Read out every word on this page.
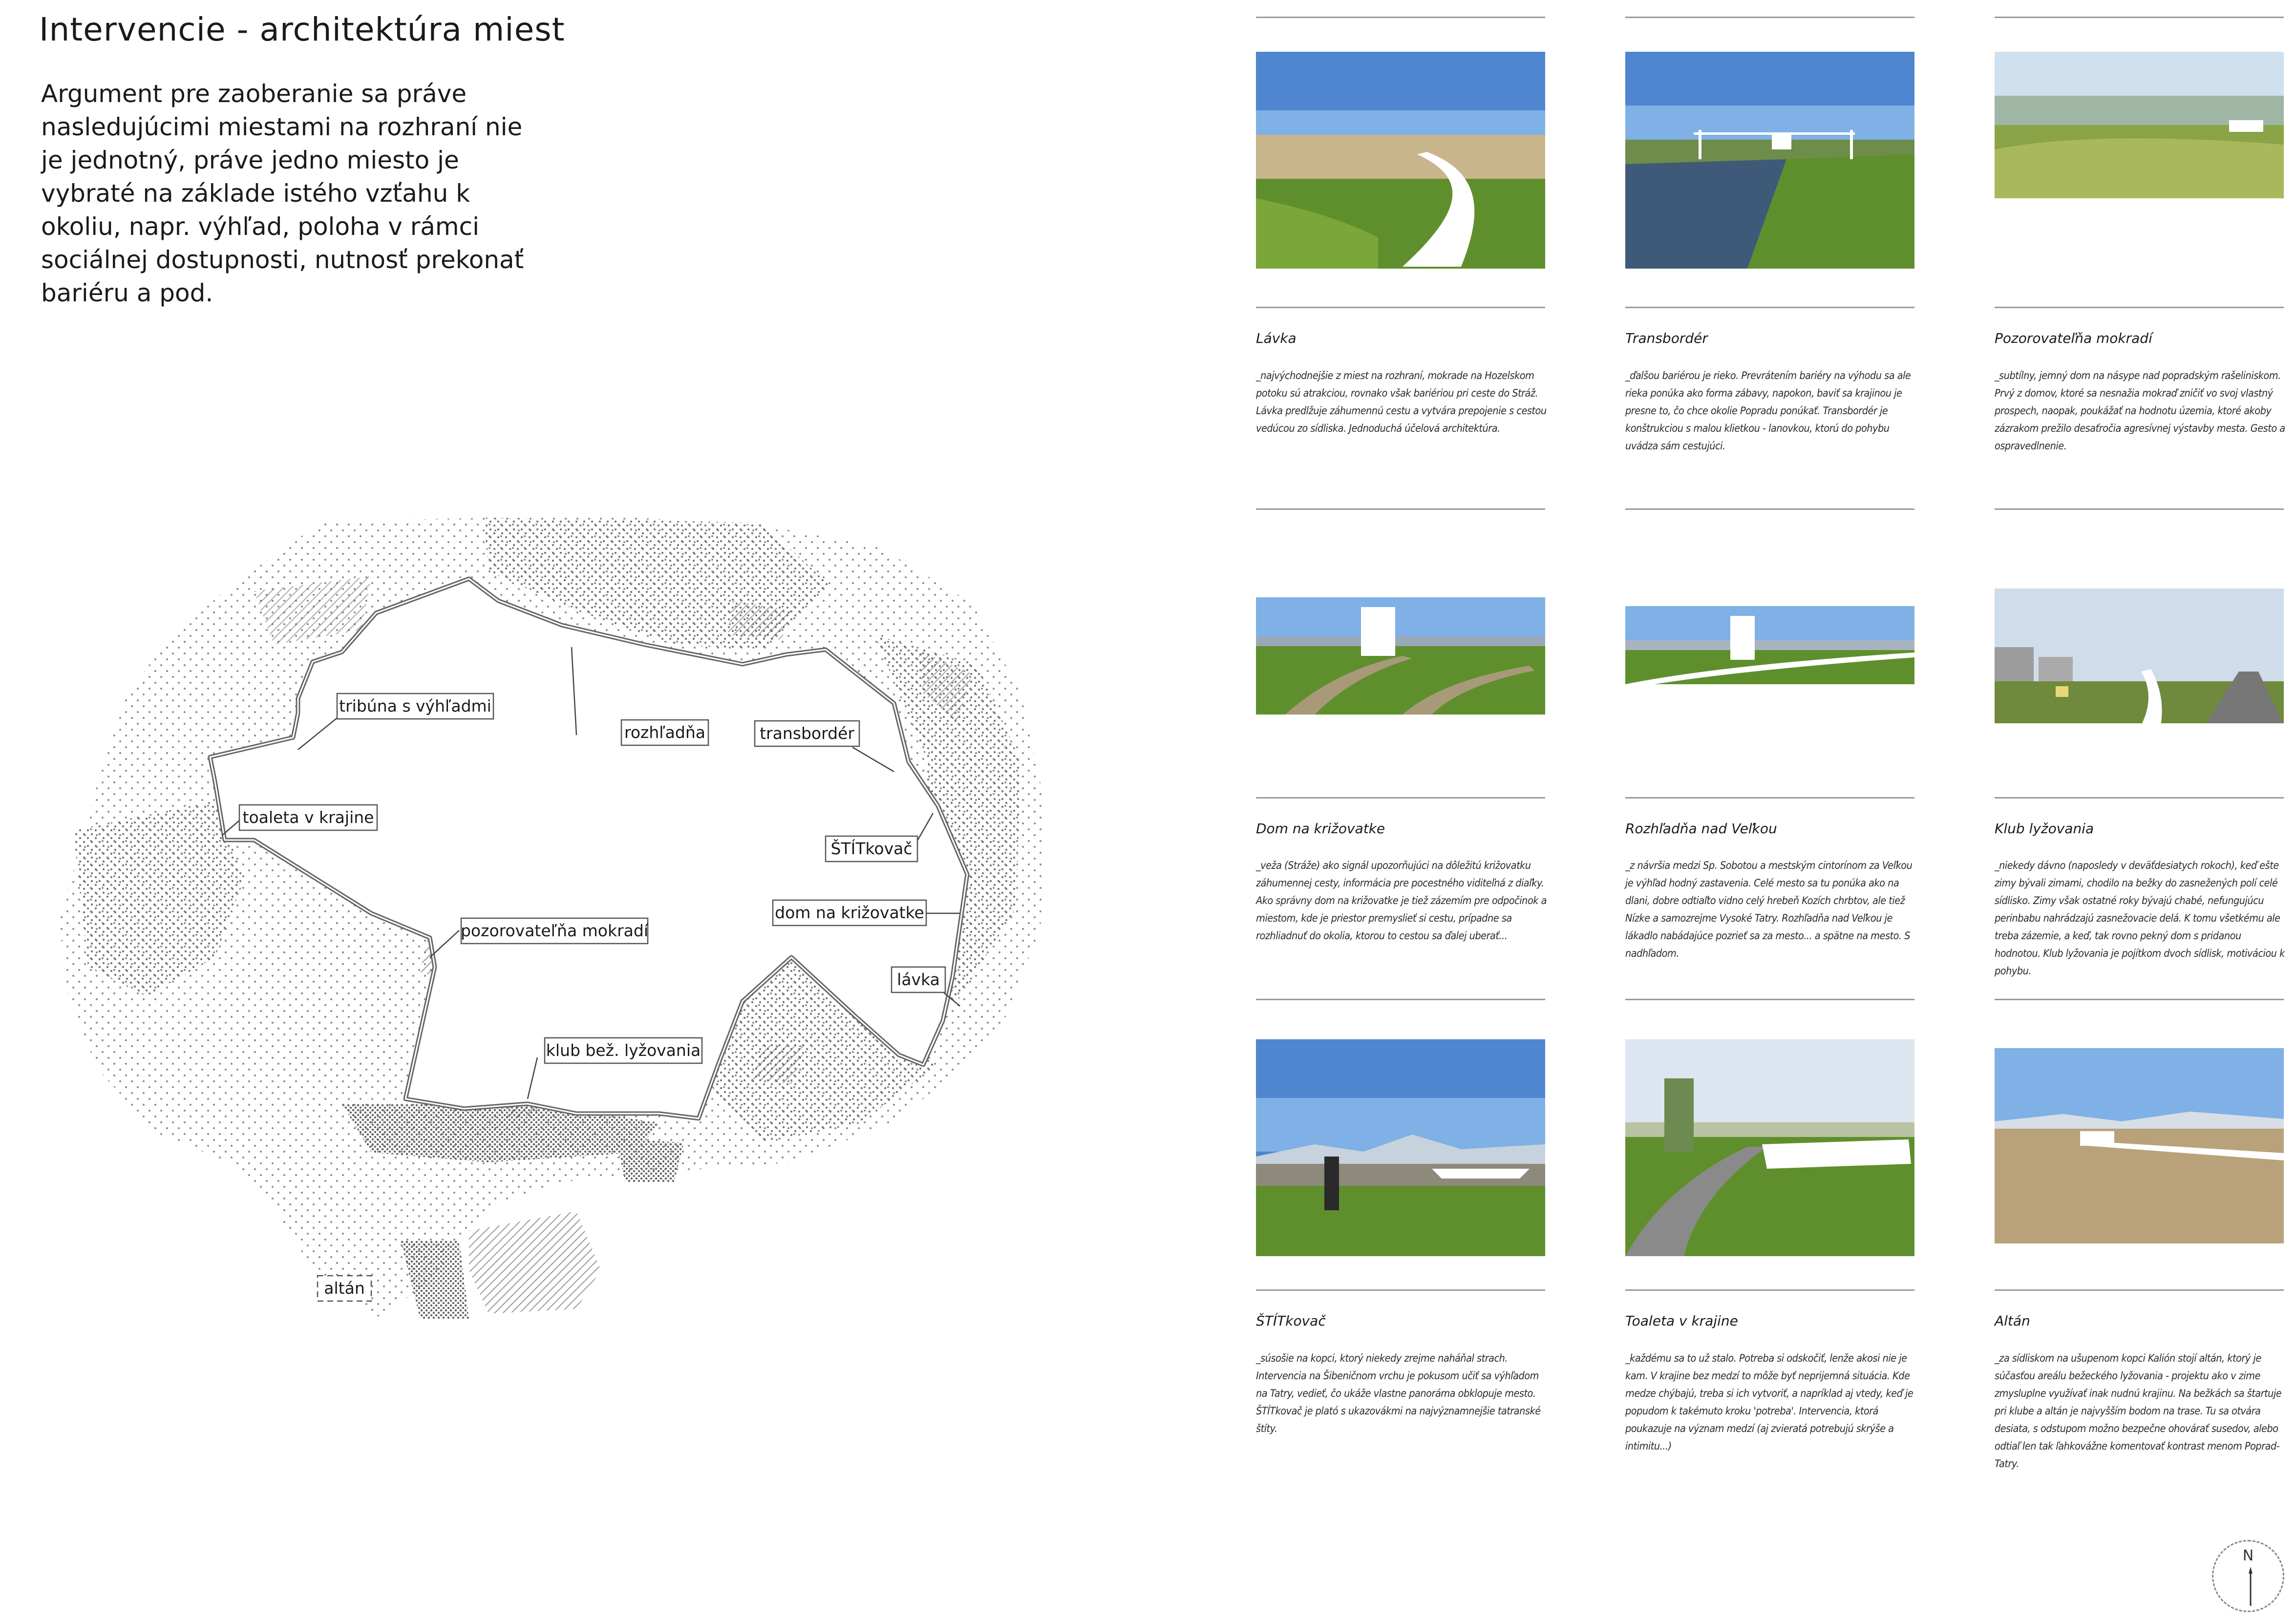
Intervencie - architektúra miest
Argument pre zaoberanie sa práve nasledujúcimi miestami na rozhraní nie je jednotný, práve jedno miesto je vybraté na základe istého vzťahu k okoliu, napr. výhľad, poloha v rámci sociálnej dostupnosti, nutnosť prekonať bariéru a pod.
tribúna s výhľadmi
rozhľadňa	transbordér
toaleta v krajine
ŠTÍTkovač
dom na križovatke
pozorovateľňa mokradí
lávka
klub bež. lyžovania
altán
Lávka
_najvýchodnejšie z miest na rozhraní, mokrade na Hozelskom potoku sú atrakciou, rovnako však bariériou pri ceste do Stráž. Lávka predlžuje záhumennú cestu a vytvára prepojenie s cestou vedúcou zo sídliska. Jednoduchá účelová architektúra.
Transbordér
_ďalšou bariérou je rieko. Prevrátením bariéry na výhodu sa ale rieka ponúka ako forma zábavy, napokon, baviť sa krajinou je presne to, čo chce okolie Popradu ponúkať. Transbordér je konštrukciou s malou klietkou - lanovkou, ktorú do pohybu uvádza sám cestujúci.
Pozorovateľňa mokradí
_subtílny, jemný dom na násype nad popradským rašeliniskom. Prvý z domov, ktoré sa nesnažia mokraď zničiť vo svoj vlastný prospech, naopak, poukážať na hodnotu územia, ktoré akoby zázrakom prežilo desaťročia agresívnej výstavby mesta. Gesto a ospravedlnenie.
Dom na križovatke
_veža (Stráže) ako signál upozorňujúci na dôležitú križovatku záhumennej cesty, informácia pre pocestného viditeľná z diaľky. Ako správny dom na križovatke je tiež zázemím pre odpočinok a miestom, kde je priestor premyslieť si cestu, prípadne sa rozhliadnuť do okolia, ktorou to cestou sa ďalej uberať...
Rozhľadňa nad Veľkou
_z návršia medzi Sp. Sobotou a mestským cintorínom za Veľkou je výhľad hodný zastavenia. Celé mesto sa tu ponúka ako na dlani, dobre odtiaľto vidno celý hrebeň Kozích chrbtov, ale tiež Nízke a samozrejme Vysoké Tatry. Rozhľadňa nad Veľkou je lákadlo nabádajúce pozrieť sa za mesto... a spätne na mesto. S nadhľadom.
Klub lyžovania
_niekedy dávno (naposledy v deväťdesiatych rokoch), keď ešte zimy bývali zimami, chodilo na bežky do zasnežených polí celé sídlisko. Zimy však ostatné roky bývajú chabé, nefungujúcu perinbabu nahrádzajú zasnežovacie delá. K tomu všetkému ale treba zázemie, a keď, tak rovno pekný dom s pridanou hodnotou. Klub lyžovania je pojítkom dvoch sídlisk, motiváciou k pohybu.
ŠTÍTkovač
_súsošie na kopci, ktorý niekedy zrejme naháňal strach. Intervencia na Šibeničnom vrchu je pokusom učiť sa výhľadom na Tatry, vedieť, čo ukáže vlastne panoráma obklopuje mesto. ŠTÍTkovač je plató s ukazovákmi na najvýznamnejšie tatranské štíty.
Toaleta v krajine
_každému sa to už stalo. Potreba si odskočiť, lenže akosi nie je kam. V krajine bez medzí to môže byť neprijemná situácia. Kde medze chýbajú, treba si ich vytvoriť, a napríklad aj vtedy, keď je popudom k takémuto kroku 'potreba'. Intervencia, ktorá poukazuje na význam medzí (aj zvieratá potrebujú skrýše a intimitu...)
Altán
_za sídliskom na ušupenom kopci Kalión stojí altán, ktorý je súčasťou areálu bežeckého lyžovania - projektu ako v zime zmysluplne využívať inak nudnú krajinu. Na bežkách sa štartuje pri klube a altán je najvyšším bodom na trase. Tu sa otvára desiata, s odstupom možno bezpečne ohovárať susedov, alebo odtiaľ len tak ľahkovážne komentovať kontrast menom Poprad-Tatry.
N
